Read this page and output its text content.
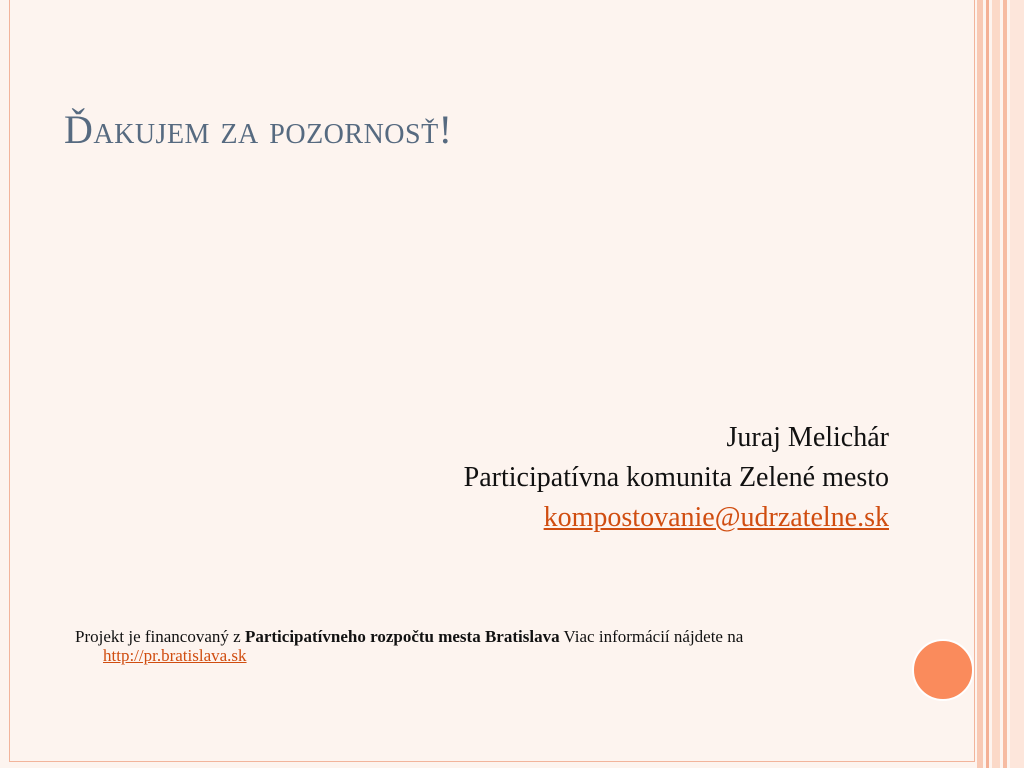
Ďakujem za pozornosť!
Juraj Melichár
Participatívna komunita Zelené mesto
kompostovanie@udrzatelne.sk
Projekt je financovaný z Participatívneho rozpočtu mesta Bratislava Viac informácií nájdete na http://pr.bratislava.sk
